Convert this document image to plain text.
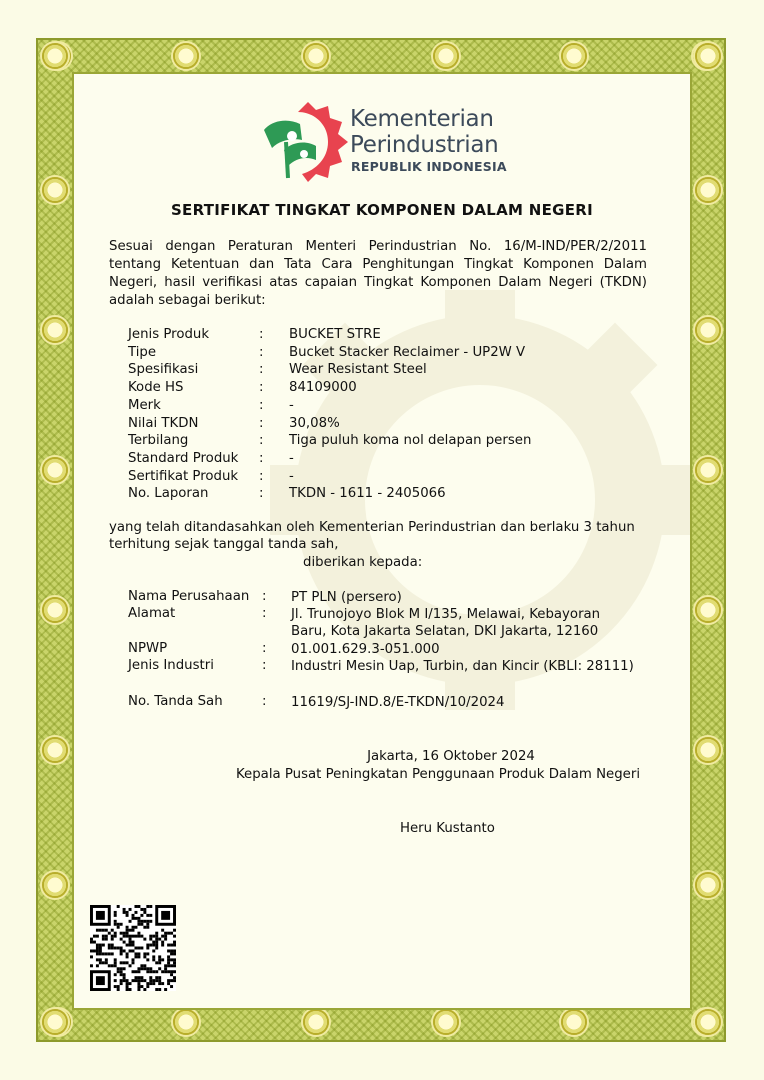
Kementerian
Perindustrian
REPUBLIK INDONESIA
SERTIFIKAT TINGKAT KOMPONEN DALAM NEGERI
Sesuai dengan Peraturan Menteri Perindustrian No. 16/M-IND/PER/2/2011 tentang Ketentuan dan Tata Cara Penghitungan Tingkat Komponen Dalam Negeri, hasil verifikasi atas capaian Tingkat Komponen Dalam Negeri (TKDN) adalah sebagai berikut:
Jenis Produk	: BUCKET STRE
Tipe	: Bucket Stacker Reclaimer - UP2W V
Spesifikasi	: Wear Resistant Steel
Kode HS	: 84109000
Merk	: -
Nilai TKDN	: 30,08%
Terbilang	: Tiga puluh koma nol delapan persen
Standard Produk : -
Sertifikat Produk : -
No. Laporan	: TKDN - 1611 - 2405066
yang telah ditandasahkan oleh Kementerian Perindustrian dan berlaku 3 tahun terhitung sejak tanggal tanda sah,
diberikan kepada:
Nama Perusahaan : PT PLN (persero)
Alamat	: Jl. Trunojoyo Blok M I/135, Melawai, Kebayoran Baru, Kota Jakarta Selatan, DKI Jakarta, 12160
NPWP	: 01.001.629.3-051.000
Jenis Industri	: Industri Mesin Uap, Turbin, dan Kincir (KBLI: 28111)
No. Tanda Sah	: 11619/SJ-IND.8/E-TKDN/10/2024
Jakarta, 16 Oktober 2024
Kepala Pusat Peningkatan Penggunaan Produk Dalam Negeri
Heru Kustanto
